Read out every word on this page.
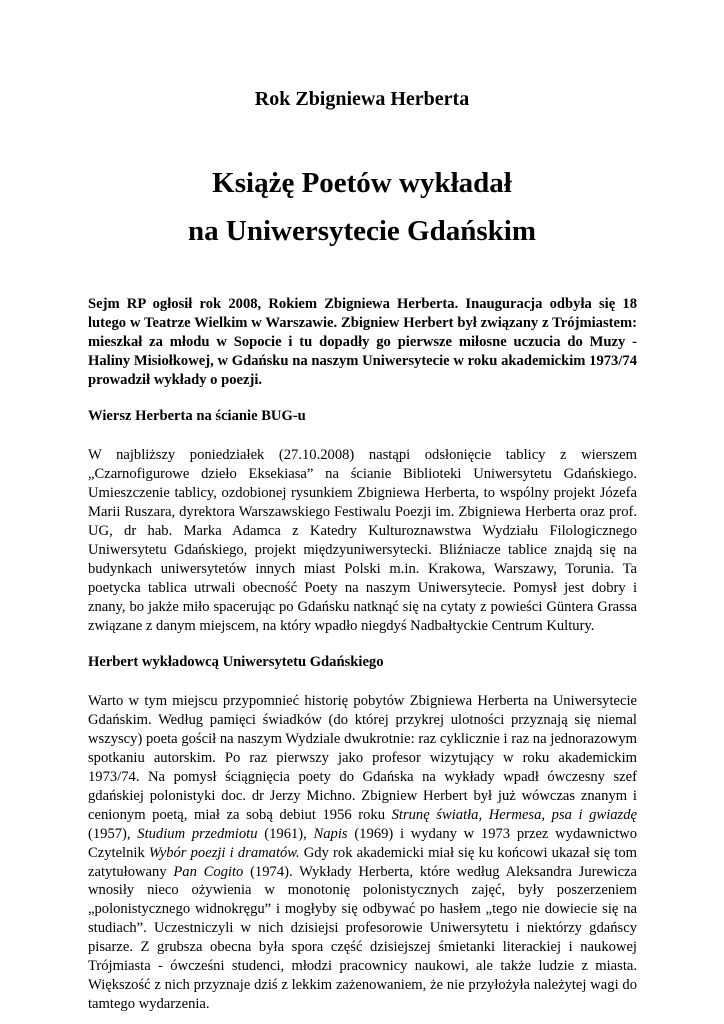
Rok Zbigniewa Herberta
Książę Poetów wykładał
na Uniwersytecie Gdańskim

Sejm RP ogłosił rok 2008, Rokiem Zbigniewa Herberta. Inauguracja odbyła się 18 lutego w Teatrze Wielkim w Warszawie. Zbigniew Herbert był związany z Trójmiastem: mieszkał za młodu w Sopocie i tu dopadły go pierwsze miłosne uczucia do Muzy - Haliny Misiołkowej, w Gdańsku na naszym Uniwersytecie w roku akademickim 1973/74 prowadził wykłady o poezji.

Wiersz Herberta na ścianie BUG-u

W najbliższy poniedziałek (27.10.2008) nastąpi odsłonięcie tablicy z wierszem „Czarnofigurowe dzieło Eksekiasa” na ścianie Biblioteki Uniwersytetu Gdańskiego. Umieszczenie tablicy, ozdobionej rysunkiem Zbigniewa Herberta, to wspólny projekt Józefa Marii Ruszara, dyrektora Warszawskiego Festiwalu Poezji im. Zbigniewa Herberta oraz prof. UG, dr hab. Marka Adamca z Katedry Kulturoznawstwa Wydziału Filologicznego Uniwersytetu Gdańskiego, projekt międzyuniwersytecki. Bliźniacze tablice znajdą się na budynkach uniwersytetów innych miast Polski m.in. Krakowa, Warszawy, Torunia. Ta poetycka tablica utrwali obecność Poety na naszym Uniwersytecie. Pomysł jest dobry i znany, bo jakże miło spacerując po Gdańsku natknąć się na cytaty z powieści Güntera Grassa związane z danym miejscem, na który wpadło niegdyś Nadbałtyckie Centrum Kultury.

Herbert wykładowcą Uniwersytetu Gdańskiego

Warto w tym miejscu przypomnieć historię pobytów Zbigniewa Herberta na Uniwersytecie Gdańskim. Według pamięci świadków (do której przykrej ulotności przyznają się niemal wszyscy) poeta gościł na naszym Wydziale dwukrotnie: raz cyklicznie i raz na jednorazowym spotkaniu autorskim. Po raz pierwszy jako profesor wizytujący w roku akademickim 1973/74. Na pomysł ściągnięcia poety do Gdańska na wykłady wpadł ówczesny szef gdańskiej polonistyki doc. dr Jerzy Michno. Zbigniew Herbert był już wówczas znanym i cenionym poetą, miał za sobą debiut 1956 roku Strunę światła, Hermesa, psa i gwiazdę (1957), Studium przedmiotu (1961), Napis (1969) i wydany w 1973 przez wydawnictwo Czytelnik Wybór poezji i dramatów. Gdy rok akademicki miał się ku końcowi ukazał się tom zatytułowany Pan Cogito (1974). Wykłady Herberta, które według Aleksandra Jurewicza wnosiły nieco ożywienia w monotonię polonistycznych zajęć, były poszerzeniem „polonistycznego widnokręgu” i mogłyby się odbywać po hasłem „tego nie dowiecie się na studiach”. Uczestniczyli w nich dzisiejsi profesorowie Uniwersytetu i niektórzy gdańscy pisarze. Z grubsza obecna była spora część dzisiejszej śmietanki literackiej i naukowej Trójmiasta - ówcześni studenci, młodzi pracownicy naukowi, ale także ludzie z miasta. Większość z nich przyznaje dziś z lekkim zażenowaniem, że nie przyłożyła należytej wagi do tamtego wydarzenia.
